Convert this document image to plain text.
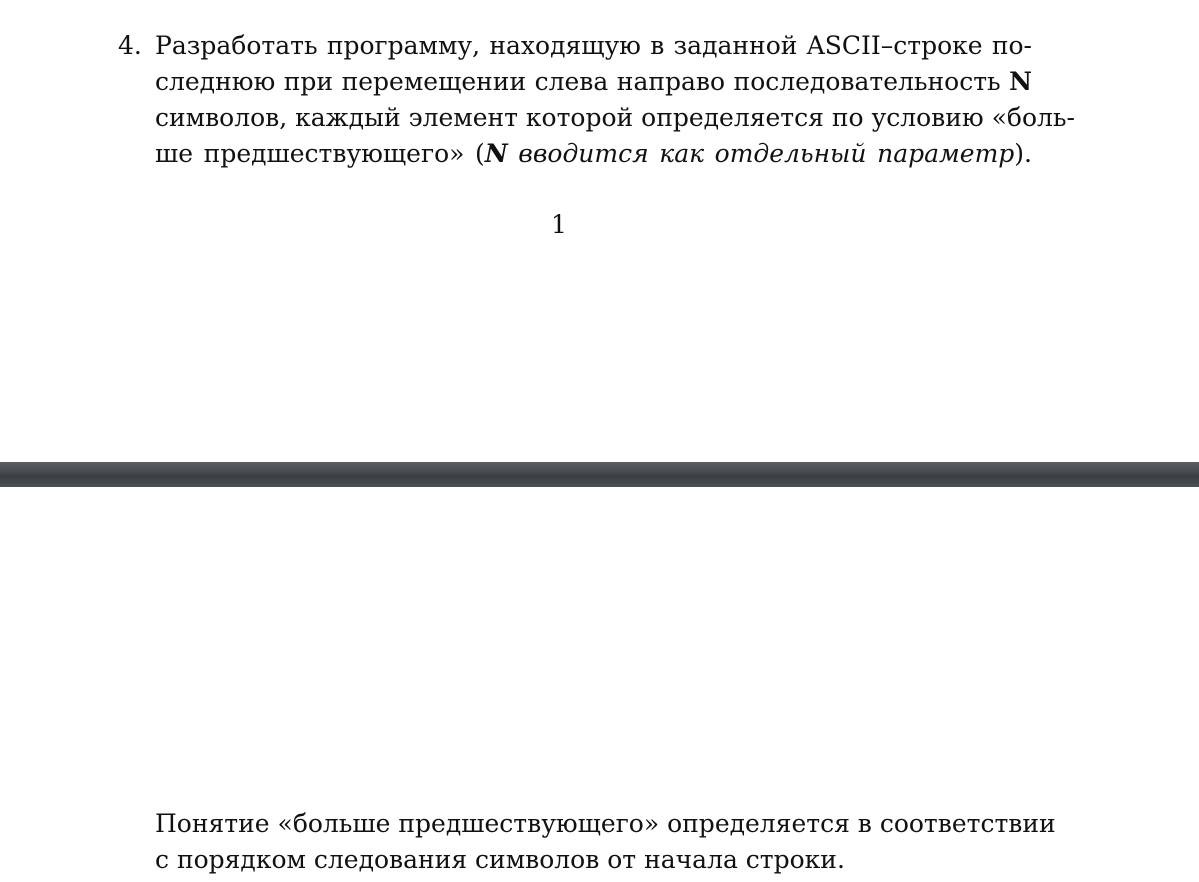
4. Разработать программу, находящую в заданной ASCII–строке по-
следнюю при перемещении слева направо последовательность N
символов, каждый элемент которой определяется по условию «боль-
ше предшествующего» (N вводится как отдельный параметр).
1
Понятие «больше предшествующего» определяется в соответствии
с порядком следования символов от начала строки.
